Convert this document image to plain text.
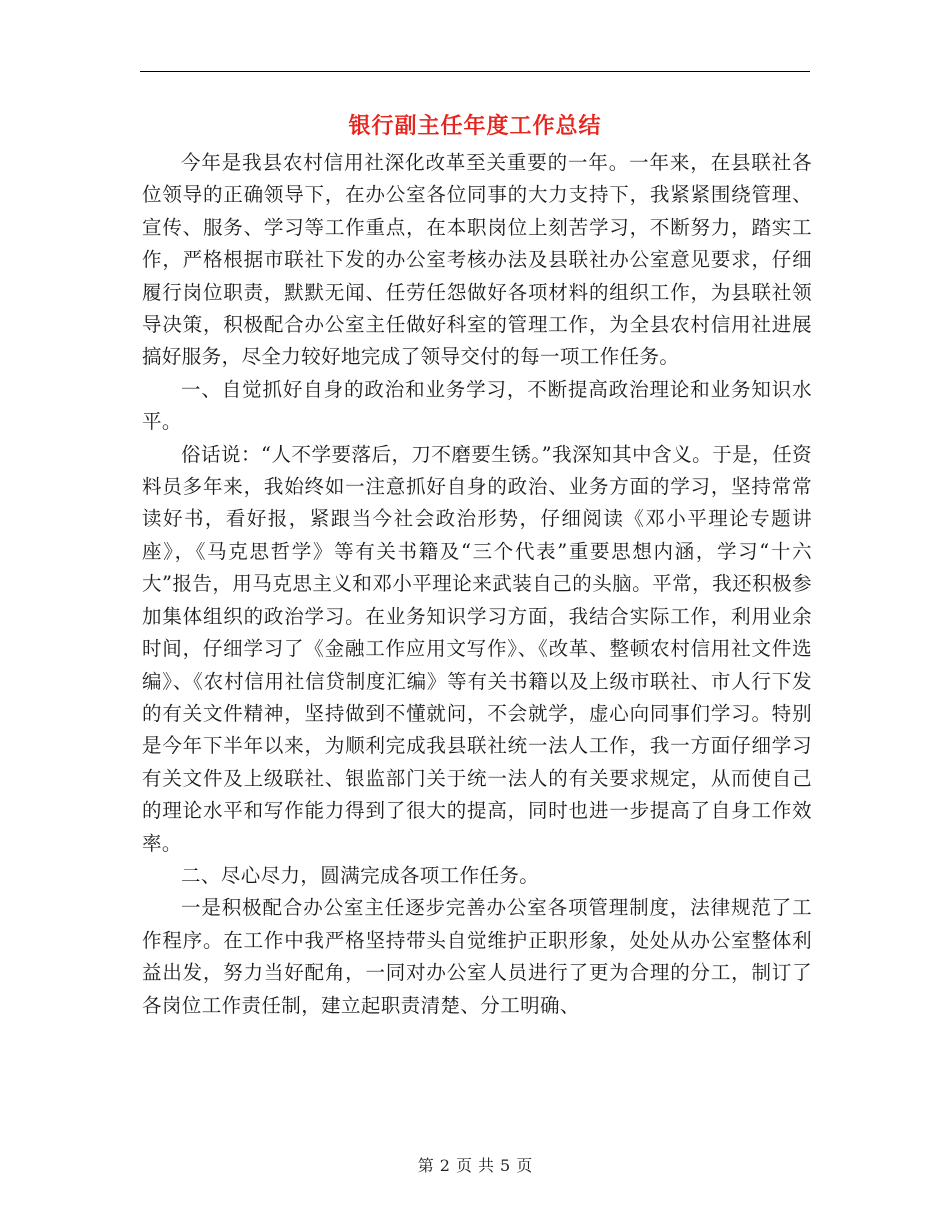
银行副主任年度工作总结

今年是我县农村信用社深化改革至关重要的一年。一年来，在县联社各位领导的正确领导下，在办公室各位同事的大力支持下，我紧紧围绕管理、宣传、服务、学习等工作重点，在本职岗位上刻苦学习，不断努力，踏实工作，严格根据市联社下发的办公室考核办法及县联社办公室意见要求，仔细履行岗位职责，默默无闻、任劳任怨做好各项材料的组织工作，为县联社领导决策，积极配合办公室主任做好科室的管理工作，为全县农村信用社进展搞好服务，尽全力较好地完成了领导交付的每一项工作任务。

一、自觉抓好自身的政治和业务学习，不断提高政治理论和业务知识水平。

俗话说：“人不学要落后，刀不磨要生锈。”我深知其中含义。于是，任资料员多年来，我始终如一注意抓好自身的政治、业务方面的学习，坚持常常读好书，看好报，紧跟当今社会政治形势，仔细阅读《邓小平理论专题讲座》，《马克思哲学》等有关书籍及“三个代表”重要思想内涵，学习“十六大”报告，用马克思主义和邓小平理论来武装自己的头脑。平常，我还积极参加集体组织的政治学习。在业务知识学习方面，我结合实际工作，利用业余时间，仔细学习了《金融工作应用文写作》、《改革、整顿农村信用社文件选编》、《农村信用社信贷制度汇编》等有关书籍以及上级市联社、市人行下发的有关文件精神，坚持做到不懂就问，不会就学，虚心向同事们学习。特别是今年下半年以来，为顺利完成我县联社统一法人工作，我一方面仔细学习有关文件及上级联社、银监部门关于统一法人的有关要求规定，从而使自己的理论水平和写作能力得到了很大的提高，同时也进一步提高了自身工作效率。

二、尽心尽力，圆满完成各项工作任务。

一是积极配合办公室主任逐步完善办公室各项管理制度，法律规范了工作程序。在工作中我严格坚持带头自觉维护正职形象，处处从办公室整体利益出发，努力当好配角，一同对办公室人员进行了更为合理的分工，制订了各岗位工作责任制，建立起职责清楚、分工明确、

第 2 页 共 5 页
